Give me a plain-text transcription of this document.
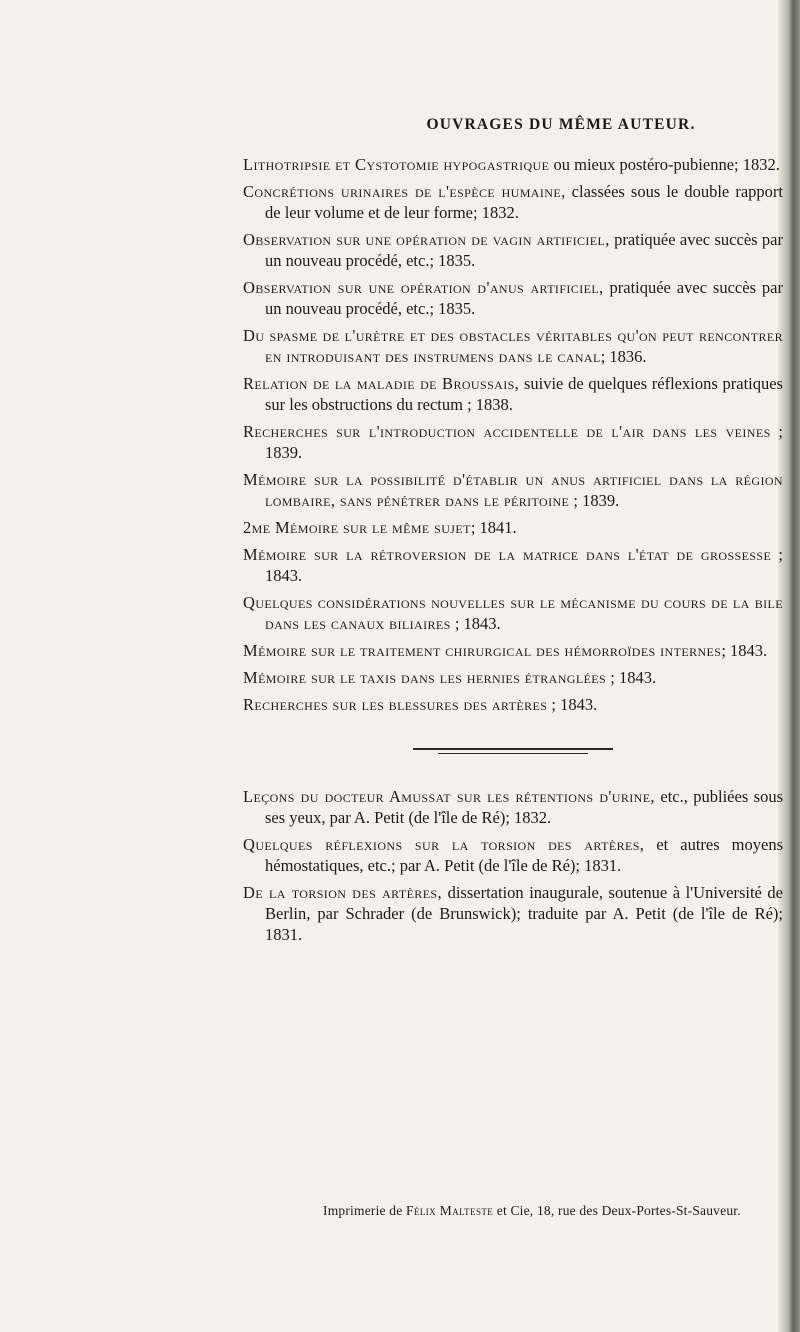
OUVRAGES DU MÊME AUTEUR.

Lithotripsie et Cystotomie hypogastrique ou mieux postéro-pubienne; 1832.

Concrétions urinaires de l'espèce humaine, classées sous le double rapport de leur volume et de leur forme; 1832.

Observation sur une opération de vagin artificiel, pratiquée avec succès par un nouveau procédé, etc.; 1835.

Observation sur une opération d'anus artificiel, pratiquée avec succès par un nouveau procédé, etc.; 1835.

Du spasme de l'urètre et des obstacles véritables qu'on peut rencontrer en introduisant des instrumens dans le canal; 1836.

Relation de la maladie de Broussais, suivie de quelques réflexions pratiques sur les obstructions du rectum ; 1838.

Recherches sur l'introduction accidentelle de l'air dans les veines ; 1839.

Mémoire sur la possibilité d'établir un anus artificiel dans la région lombaire, sans pénétrer dans le péritoine ; 1839.

2me Mémoire sur le même sujet; 1841.

Mémoire sur la rétroversion de la matrice dans l'état de grossesse ; 1843.

Quelques considérations nouvelles sur le mécanisme du cours de la bile dans les canaux biliaires ; 1843.

Mémoire sur le traitement chirurgical des hémorroïdes internes; 1843.

Mémoire sur le taxis dans les hernies étranglées ; 1843.

Recherches sur les blessures des artères ; 1843.

Leçons du docteur Amussat sur les rétentions d'urine, etc., publiées sous ses yeux, par A. Petit (de l'île de Ré); 1832.

Quelques réflexions sur la torsion des artères, et autres moyens hémostatiques, etc.; par A. Petit (de l'île de Ré); 1831.

De la torsion des artères, dissertation inaugurale, soutenue à l'Université de Berlin, par Schrader (de Brunswick); traduite par A. Petit (de l'île de Ré); 1831.

Imprimerie de Félix Malteste et Cie, 18, rue des Deux-Portes-St-Sauveur.
